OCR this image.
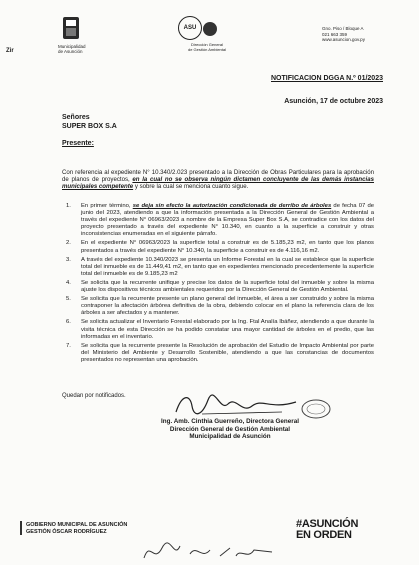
Zir
Municipalidad
de Asunción
ASU
Dirección General
de Gestión Ambiental
Gno. Piso / Bloque A
021 663 359
www.asuncion.gov.py
NOTIFICACION DGGA N.º 01/2023
Asunción, 17 de octubre 2023
Señores
SUPER BOX S.A
Presente:
Con referencia al expediente N° 10.340/2.023 presentado a la Dirección de Obras Particulares para la aprobación de planos de proyectos, en la cual no se observa ningún dictamen concluyente de las demás instancias municipales competente y sobre la cual se menciona cuanto sigue.
1. En primer término, se deja sin efecto la autorización condicionada de derribo de árboles de fecha 07 de junio del 2023, atendiendo a que la información presentada a la Dirección General de Gestión Ambiental a través del expediente N° 06963/2023 a nombre de la Empresa Super Box S.A, se contradice con los datos del proyecto presentado a través del expediente N° 10.340, en cuanto a la superficie a construir y otras inconsistencias enumeradas en el siguiente párrafo.
2. En el expediente N° 06963/2023 la superficie total a construir es de 5.185,23 m2, en tanto que los planos presentados a través del expediente N° 10.340, la superficie a construir es de 4.116,16 m2.
3. A través del expediente 10.340/2023 se presenta un Informe Forestal en la cual se establece que la superficie total del inmueble es de 11.449,41 m2, en tanto que en expedientes mencionado precedentemente la superficie total del inmueble es de 9.185,23 m2
4. Se solicita que la recurrente unifique y precise los datos de la superficie total del inmueble y sobre la misma ajuste los dispositivos técnicos ambientales requeridos por la Dirección General de Gestión Ambiental.
5. Se solicita que la recurrente presente un plano general del inmueble, el área a ser construido y sobre la misma contraponer la afectación árbórea definitiva de la obra, debiendo colocar en el plano la referencia clara de los árboles a ser afectados y a mantener.
6. Se solicita actualizar el Inventario Forestal elaborado por la Ing. Ftal Analía Ibáñez, atendiendo a que durante la visita técnica de esta Dirección se ha podido constatar una mayor cantidad de árboles en el predio, que las informadas en el inventario.
7. Se solicita que la recurrente presente la Resolución de aprobación del Estudio de Impacto Ambiental por parte del Ministerio del Ambiente y Desarrollo Sostenible, atendiendo a que las constancias de documentos presentados no representan una aprobación.
Quedan por notificados.
Ing. Amb. Cinthia Guerreño, Directora General
Dirección General de Gestión Ambiental
Municipalidad de Asunción
GOBIERNO MUNICIPAL DE ASUNCIÓN
GESTIÓN ÓSCAR RODRÍGUEZ
#ASUNCIÓN
EN ORDEN
